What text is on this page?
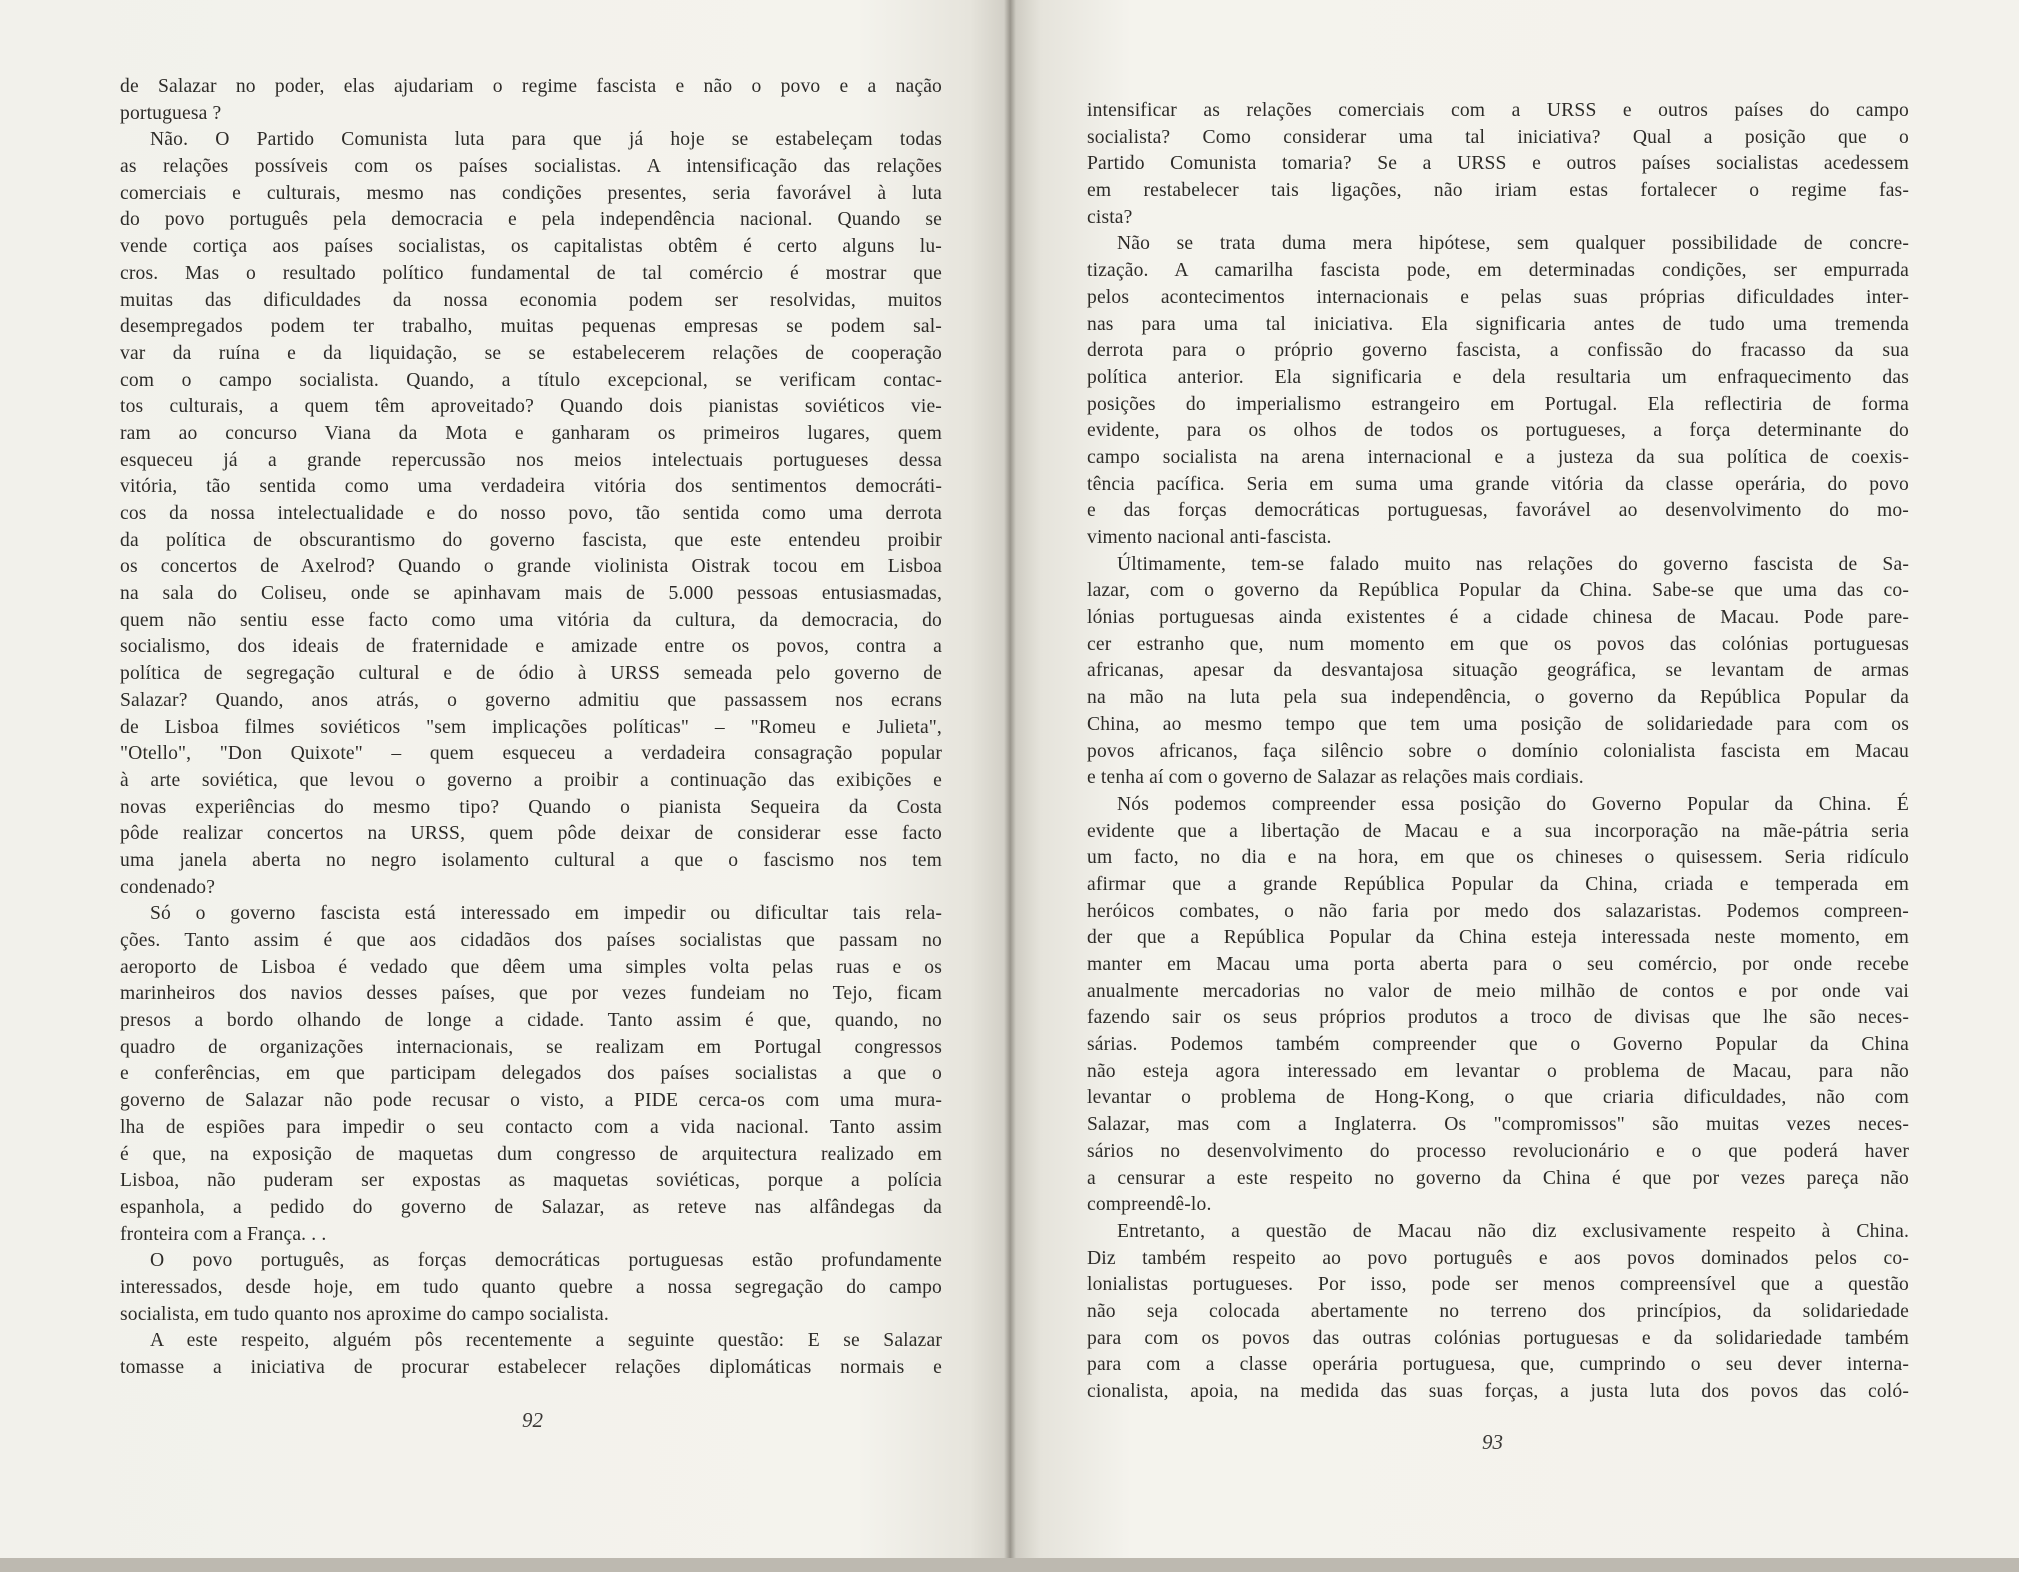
de Salazar no poder, elas ajudariam o regime fascista e não o povo e a nação
portuguesa ?
Não. O Partido Comunista luta para que já hoje se estabeleçam todas
as relações possíveis com os países socialistas. A intensificação das relações
comerciais e culturais, mesmo nas condições presentes, seria favorável à luta
do povo português pela democracia e pela independência nacional. Quando se
vende cortiça aos países socialistas, os capitalistas obtêm é certo alguns lu-
cros. Mas o resultado político fundamental de tal comércio é mostrar que
muitas das dificuldades da nossa economia podem ser resolvidas, muitos
desempregados podem ter trabalho, muitas pequenas empresas se podem sal-
var da ruína e da liquidação, se se estabelecerem relações de cooperação
com o campo socialista. Quando, a título excepcional, se verificam contac-
tos culturais, a quem têm aproveitado? Quando dois pianistas soviéticos vie-
ram ao concurso Viana da Mota e ganharam os primeiros lugares, quem
esqueceu já a grande repercussão nos meios intelectuais portugueses dessa
vitória, tão sentida como uma verdadeira vitória dos sentimentos democráti-
cos da nossa intelectualidade e do nosso povo, tão sentida como uma derrota
da política de obscurantismo do governo fascista, que este entendeu proibir
os concertos de Axelrod? Quando o grande violinista Oistrak tocou em Lisboa
na sala do Coliseu, onde se apinhavam mais de 5.000 pessoas entusiasmadas,
quem não sentiu esse facto como uma vitória da cultura, da democracia, do
socialismo, dos ideais de fraternidade e amizade entre os povos, contra a
política de segregação cultural e de ódio à URSS semeada pelo governo de
Salazar? Quando, anos atrás, o governo admitiu que passassem nos ecrans
de Lisboa filmes soviéticos "sem implicações políticas" – "Romeu e Julieta",
"Otello", "Don Quixote" – quem esqueceu a verdadeira consagração popular
à arte soviética, que levou o governo a proibir a continuação das exibições e
novas experiências do mesmo tipo? Quando o pianista Sequeira da Costa
pôde realizar concertos na URSS, quem pôde deixar de considerar esse facto
uma janela aberta no negro isolamento cultural a que o fascismo nos tem
condenado?
Só o governo fascista está interessado em impedir ou dificultar tais rela-
ções. Tanto assim é que aos cidadãos dos países socialistas que passam no
aeroporto de Lisboa é vedado que dêem uma simples volta pelas ruas e os
marinheiros dos navios desses países, que por vezes fundeiam no Tejo, ficam
presos a bordo olhando de longe a cidade. Tanto assim é que, quando, no
quadro de organizações internacionais, se realizam em Portugal congressos
e conferências, em que participam delegados dos países socialistas a que o
governo de Salazar não pode recusar o visto, a PIDE cerca-os com uma mura-
lha de espiões para impedir o seu contacto com a vida nacional. Tanto assim
é que, na exposição de maquetas dum congresso de arquitectura realizado em
Lisboa, não puderam ser expostas as maquetas soviéticas, porque a polícia
espanhola, a pedido do governo de Salazar, as reteve nas alfândegas da
fronteira com a França. . .
O povo português, as forças democráticas portuguesas estão profundamente
interessados, desde hoje, em tudo quanto quebre a nossa segregação do campo
socialista, em tudo quanto nos aproxime do campo socialista.
A este respeito, alguém pôs recentemente a seguinte questão: E se Salazar
tomasse a iniciativa de procurar estabelecer relações diplomáticas normais e
92
intensificar as relações comerciais com a URSS e outros países do campo
socialista? Como considerar uma tal iniciativa? Qual a posição que o
Partido Comunista tomaria? Se a URSS e outros países socialistas acedessem
em restabelecer tais ligações, não iriam estas fortalecer o regime fas-
cista?
Não se trata duma mera hipótese, sem qualquer possibilidade de concre-
tização. A camarilha fascista pode, em determinadas condições, ser empurrada
pelos acontecimentos internacionais e pelas suas próprias dificuldades inter-
nas para uma tal iniciativa. Ela significaria antes de tudo uma tremenda
derrota para o próprio governo fascista, a confissão do fracasso da sua
política anterior. Ela significaria e dela resultaria um enfraquecimento das
posições do imperialismo estrangeiro em Portugal. Ela reflectiria de forma
evidente, para os olhos de todos os portugueses, a força determinante do
campo socialista na arena internacional e a justeza da sua política de coexis-
tência pacífica. Seria em suma uma grande vitória da classe operária, do povo
e das forças democráticas portuguesas, favorável ao desenvolvimento do mo-
vimento nacional anti-fascista.
Últimamente, tem-se falado muito nas relações do governo fascista de Sa-
lazar, com o governo da República Popular da China. Sabe-se que uma das co-
lónias portuguesas ainda existentes é a cidade chinesa de Macau. Pode pare-
cer estranho que, num momento em que os povos das colónias portuguesas
africanas, apesar da desvantajosa situação geográfica, se levantam de armas
na mão na luta pela sua independência, o governo da República Popular da
China, ao mesmo tempo que tem uma posição de solidariedade para com os
povos africanos, faça silêncio sobre o domínio colonialista fascista em Macau
e tenha aí com o governo de Salazar as relações mais cordiais.
Nós podemos compreender essa posição do Governo Popular da China. É
evidente que a libertação de Macau e a sua incorporação na mãe-pátria seria
um facto, no dia e na hora, em que os chineses o quisessem. Seria ridículo
afirmar que a grande República Popular da China, criada e temperada em
heróicos combates, o não faria por medo dos salazaristas. Podemos compreen-
der que a República Popular da China esteja interessada neste momento, em
manter em Macau uma porta aberta para o seu comércio, por onde recebe
anualmente mercadorias no valor de meio milhão de contos e por onde vai
fazendo sair os seus próprios produtos a troco de divisas que lhe são neces-
sárias. Podemos também compreender que o Governo Popular da China
não esteja agora interessado em levantar o problema de Macau, para não
levantar o problema de Hong-Kong, o que criaria dificuldades, não com
Salazar, mas com a Inglaterra. Os "compromissos" são muitas vezes neces-
sários no desenvolvimento do processo revolucionário e o que poderá haver
a censurar a este respeito no governo da China é que por vezes pareça não
compreendê-lo.
Entretanto, a questão de Macau não diz exclusivamente respeito à China.
Diz também respeito ao povo português e aos povos dominados pelos co-
lonialistas portugueses. Por isso, pode ser menos compreensível que a questão
não seja colocada abertamente no terreno dos princípios, da solidariedade
para com os povos das outras colónias portuguesas e da solidariedade também
para com a classe operária portuguesa, que, cumprindo o seu dever interna-
cionalista, apoia, na medida das suas forças, a justa luta dos povos das coló-
93
